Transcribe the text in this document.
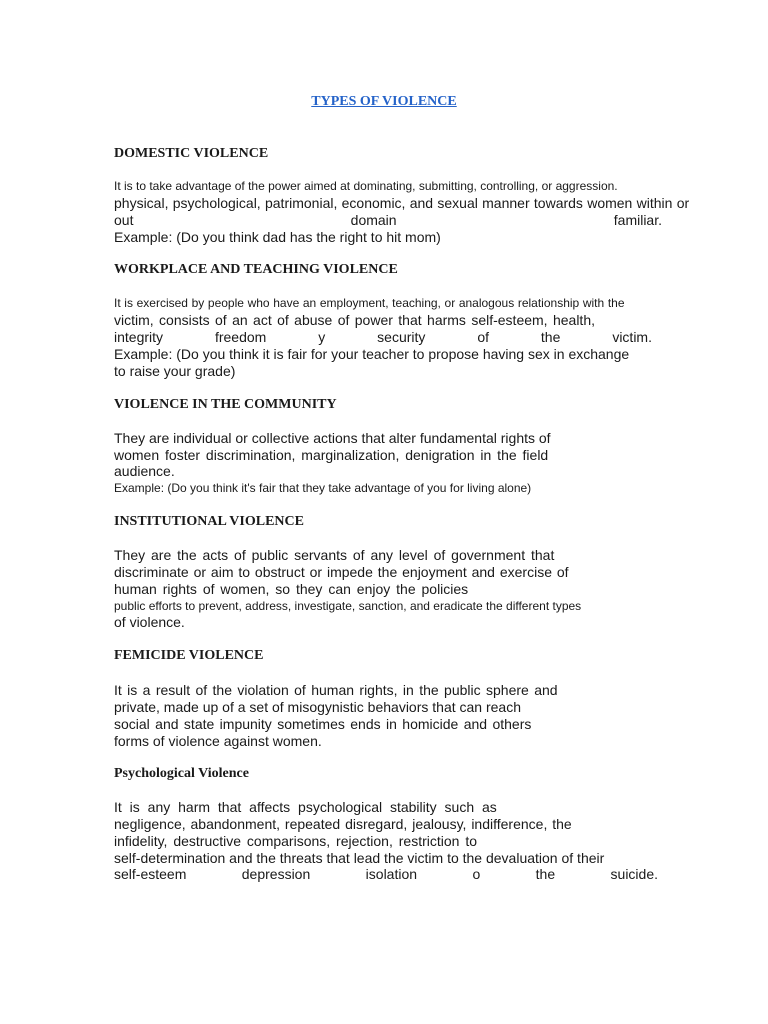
TYPES OF VIOLENCE
DOMESTIC VIOLENCE
It is to take advantage of the power aimed at dominating, submitting, controlling, or aggression.
physical, psychological, patrimonial, economic, and sexual manner towards women within or
out	domain	familiar.
Example: (Do you think dad has the right to hit mom)
WORKPLACE AND TEACHING VIOLENCE
It is exercised by people who have an employment, teaching, or analogous relationship with the
victim, consists of an act of abuse of power that harms self-esteem, health,
integrity	freedom	y	security	of	the	victim.
Example: (Do you think it is fair for your teacher to propose having sex in exchange
to raise your grade)
VIOLENCE IN THE COMMUNITY
They are individual or collective actions that alter fundamental rights of
women foster discrimination, marginalization, denigration in the field
audience.
Example: (Do you think it's fair that they take advantage of you for living alone)
INSTITUTIONAL VIOLENCE
They are the acts of public servants of any level of government that
discriminate or aim to obstruct or impede the enjoyment and exercise of
human rights of women, so they can enjoy the policies
public efforts to prevent, address, investigate, sanction, and eradicate the different types
of violence.
FEMICIDE VIOLENCE
It is a result of the violation of human rights, in the public sphere and
private, made up of a set of misogynistic behaviors that can reach
social and state impunity sometimes ends in homicide and others
forms of violence against women.
Psychological Violence
It is any harm that affects psychological stability such as
negligence, abandonment, repeated disregard, jealousy, indifference, the
infidelity, destructive comparisons, rejection, restriction to
self-determination and the threats that lead the victim to the devaluation of their
self-esteem	depression	isolation	o	the	suicide.
